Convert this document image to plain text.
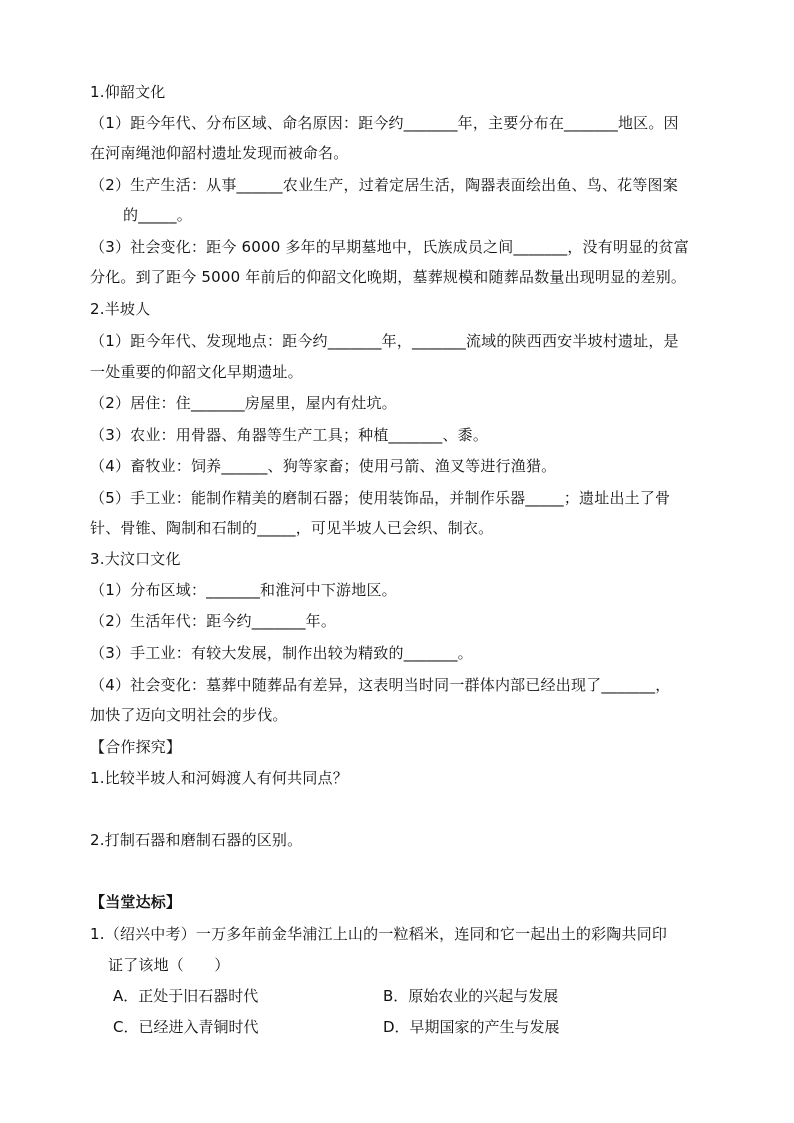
1.仰韶文化
（1）距今年代、分布区域、命名原因：距今约_______年，主要分布在_______地区。因
在河南绳池仰韶村遗址发现而被命名。
（2）生产生活：从事______农业生产，过着定居生活，陶器表面绘出鱼、鸟、花等图案
的_____。
（3）社会变化：距今 6000 多年的早期墓地中，氏族成员之间_______，没有明显的贫富
分化。到了距今 5000 年前后的仰韶文化晚期，墓葬规模和随葬品数量出现明显的差别。
2.半坡人
（1）距今年代、发现地点：距今约_______年，_______流域的陕西西安半坡村遗址，是
一处重要的仰韶文化早期遗址。
（2）居住：住_______房屋里，屋内有灶坑。
（3）农业：用骨器、角器等生产工具；种植_______、黍。
（4）畜牧业：饲养______、狗等家畜；使用弓箭、渔叉等进行渔猎。
（5）手工业：能制作精美的磨制石器；使用装饰品，并制作乐器_____；遗址出土了骨
针、骨锥、陶制和石制的_____，可见半坡人已会织、制衣。
3.大汶口文化
（1）分布区域：_______和淮河中下游地区。
（2）生活年代：距今约_______年。
（3）手工业：有较大发展，制作出较为精致的_______。
（4）社会变化：墓葬中随葬品有差异，这表明当时同一群体内部已经出现了_______，
加快了迈向文明社会的步伐。
【合作探究】
1.比较半坡人和河姆渡人有何共同点？
2.打制石器和磨制石器的区别。
【当堂达标】
1.（绍兴中考）一万多年前金华浦江上山的一粒稻米，连同和它一起出土的彩陶共同印
证了该地（　　）
A．正处于旧石器时代	B．原始农业的兴起与发展
C．已经进入青铜时代	D．早期国家的产生与发展
